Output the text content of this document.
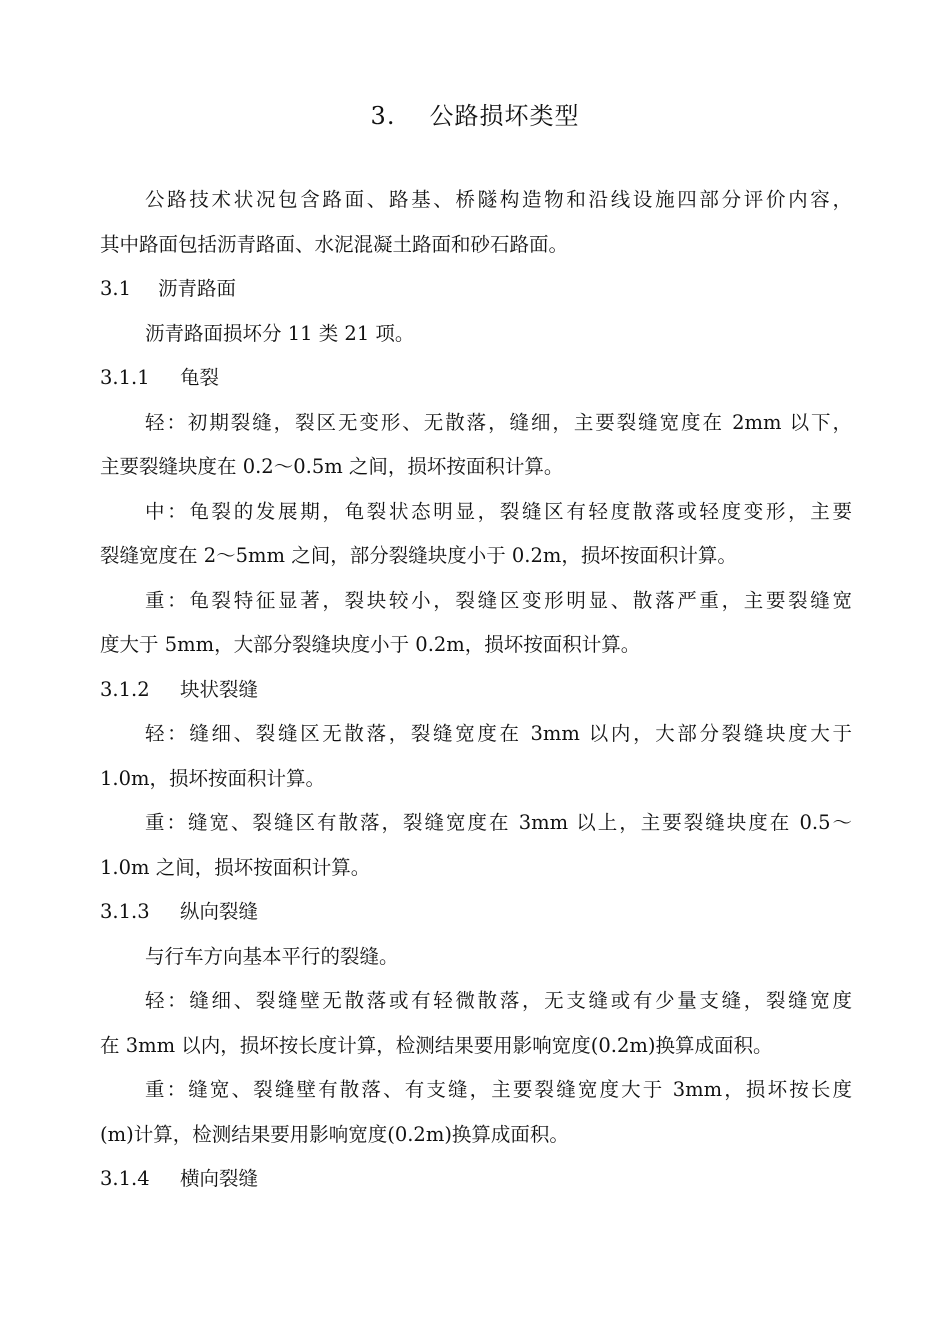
3. 公路损坏类型
公路技术状况包含路面、路基、桥隧构造物和沿线设施四部分评价内容，
其中路面包括沥青路面、水泥混凝土路面和砂石路面。
3.1 沥青路面
沥青路面损坏分 11 类 21 项。
3.1.1 龟裂
轻：初期裂缝，裂区无变形、无散落，缝细，主要裂缝宽度在 2mm 以下，
主要裂缝块度在 0.2～0.5m 之间，损坏按面积计算。
中：龟裂的发展期，龟裂状态明显，裂缝区有轻度散落或轻度变形，主要
裂缝宽度在 2～5mm 之间，部分裂缝块度小于 0.2m，损坏按面积计算。
重：龟裂特征显著，裂块较小，裂缝区变形明显、散落严重，主要裂缝宽
度大于 5mm，大部分裂缝块度小于 0.2m，损坏按面积计算。
3.1.2 块状裂缝
轻：缝细、裂缝区无散落，裂缝宽度在 3mm 以内，大部分裂缝块度大于
1.0m，损坏按面积计算。
重：缝宽、裂缝区有散落，裂缝宽度在 3mm 以上，主要裂缝块度在 0.5～
1.0m 之间，损坏按面积计算。
3.1.3 纵向裂缝
与行车方向基本平行的裂缝。
轻：缝细、裂缝壁无散落或有轻微散落，无支缝或有少量支缝，裂缝宽度
在 3mm 以内，损坏按长度计算，检测结果要用影响宽度(0.2m)换算成面积。
重：缝宽、裂缝壁有散落、有支缝，主要裂缝宽度大于 3mm，损坏按长度
(m)计算，检测结果要用影响宽度(0.2m)换算成面积。
3.1.4 横向裂缝
